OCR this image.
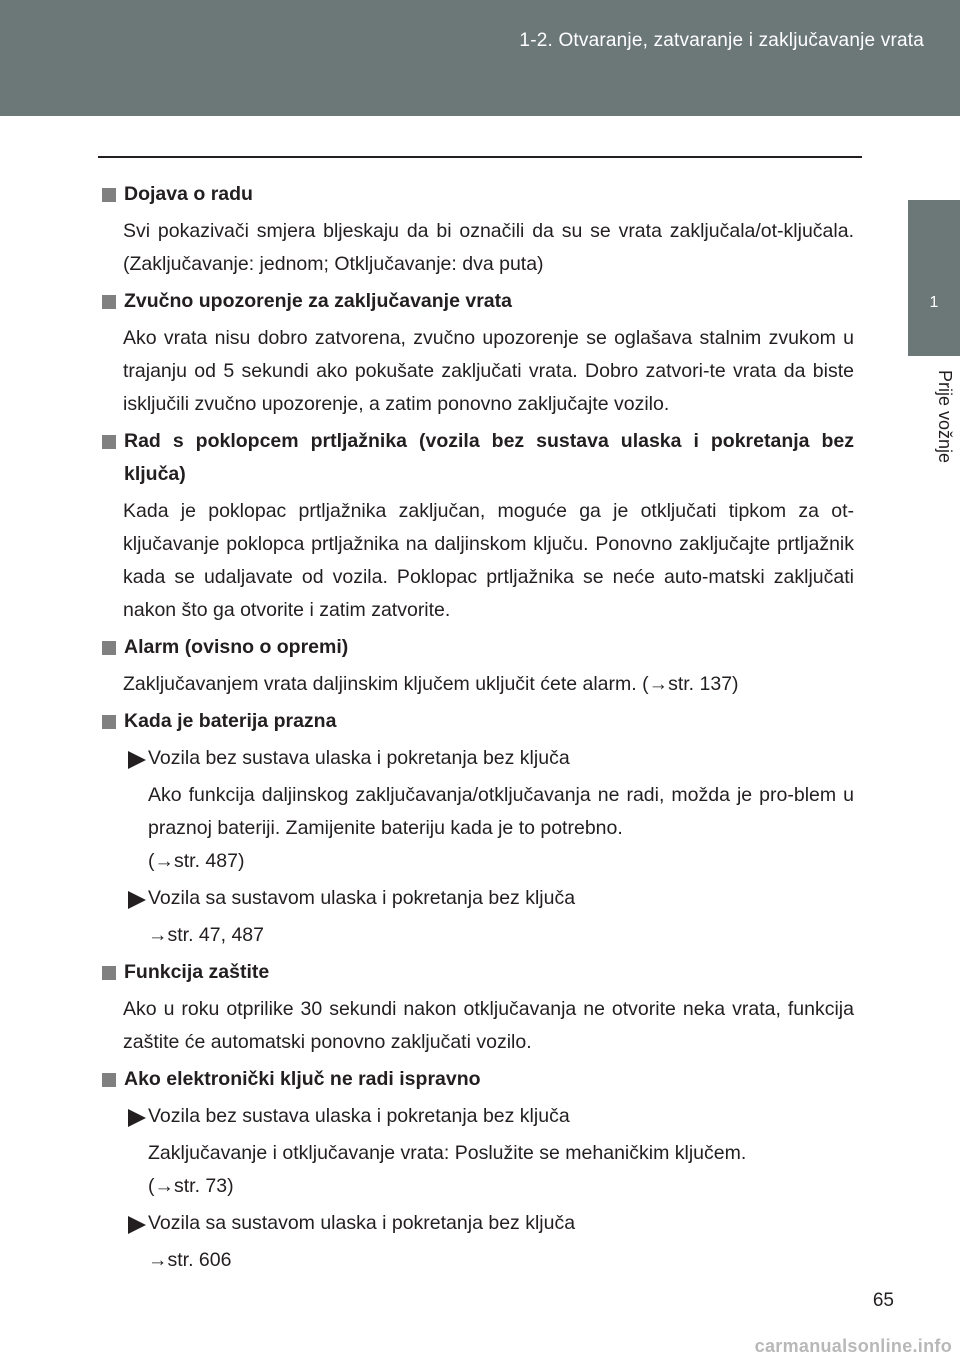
1-2. Otvaranje, zatvaranje i zaključavanje vrata
1
Prije vožnje
Dojava o radu
Svi pokazivači smjera bljeskaju da bi označili da su se vrata zaključala/ot-ključala. (Zaključavanje: jednom; Otključavanje: dva puta)
Zvučno upozorenje za zaključavanje vrata
Ako vrata nisu dobro zatvorena, zvučno upozorenje se oglašava stalnim zvukom u trajanju od 5 sekundi ako pokušate zaključati vrata. Dobro zatvori-te vrata da biste isključili zvučno upozorenje, a zatim ponovno zaključajte vozilo.
Rad s poklopcem prtljažnika (vozila bez sustava ulaska i pokretanja bez ključa)
Kada je poklopac prtljažnika zaključan, moguće ga je otključati tipkom za ot-ključavanje poklopca prtljažnika na daljinskom ključu. Ponovno zaključajte prtljažnik kada se udaljavate od vozila. Poklopac prtljažnika se neće auto-matski zaključati nakon što ga otvorite i zatim zatvorite.
Alarm (ovisno o opremi)
Zaključavanjem vrata daljinskim ključem uključit ćete alarm. (→str. 137)
Kada je baterija prazna
Vozila bez sustava ulaska i pokretanja bez ključa
Ako funkcija daljinskog zaključavanja/otključavanja ne radi, možda je pro-blem u praznoj bateriji. Zamijenite bateriju kada je to potrebno.
(→str. 487)
Vozila sa sustavom ulaska i pokretanja bez ključa
→str. 47, 487
Funkcija zaštite
Ako u roku otprilike 30 sekundi nakon otključavanja ne otvorite neka vrata, funkcija zaštite će automatski ponovno zaključati vozilo.
Ako elektronički ključ ne radi ispravno
Vozila bez sustava ulaska i pokretanja bez ključa
Zaključavanje i otključavanje vrata: Poslužite se mehaničkim ključem.
(→str. 73)
Vozila sa sustavom ulaska i pokretanja bez ključa
→str. 606
65
carmanualsonline.info
